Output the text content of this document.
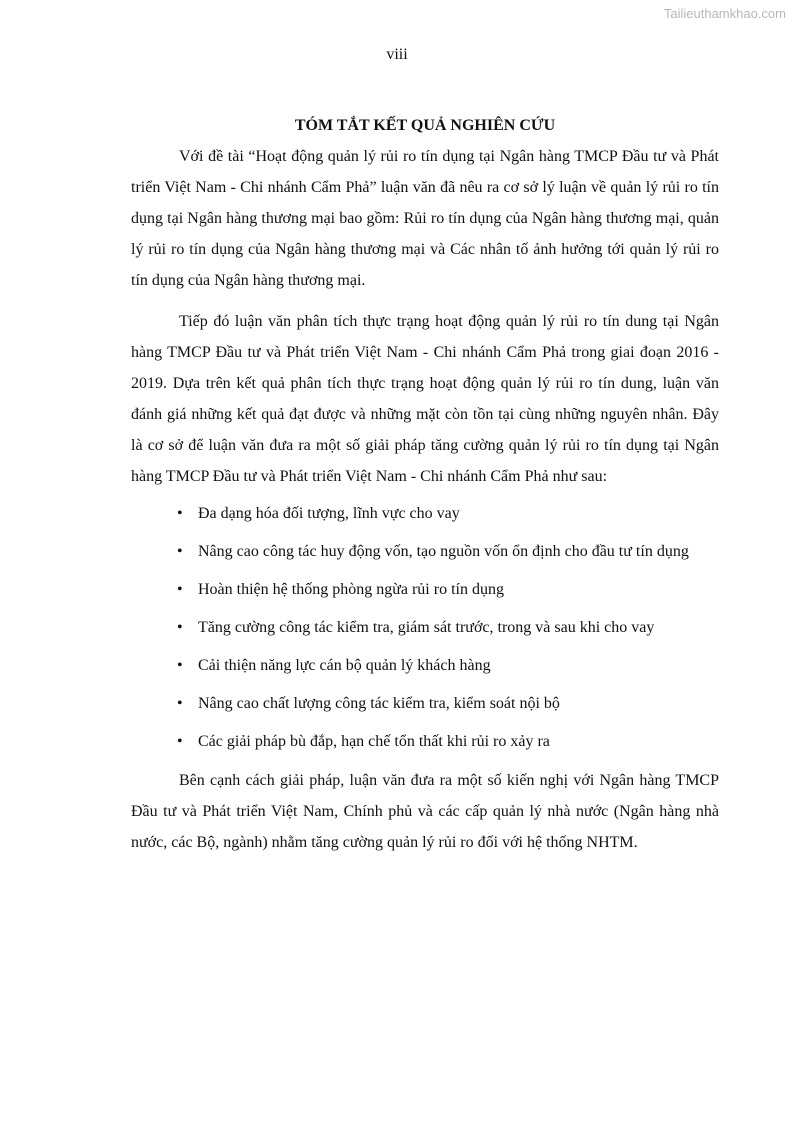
Tailieuthamkhao.com
viii
TÓM TẮT KẾT QUẢ NGHIÊN CỨU

Với đề tài “Hoạt động quản lý rủi ro tín dụng tại Ngân hàng TMCP Đầu tư và Phát triển Việt Nam - Chi nhánh Cẩm Phả” luận văn đã nêu ra cơ sở lý luận về quản lý rủi ro tín dụng tại Ngân hàng thương mại bao gồm: Rủi ro tín dụng của Ngân hàng thương mại, quản lý rủi ro tín dụng của Ngân hàng thương mại và Các nhân tố ảnh hưởng tới quản lý rủi ro tín dụng của Ngân hàng thương mại.

Tiếp đó luận văn phân tích thực trạng hoạt động quản lý rủi ro tín dung tại Ngân hàng TMCP Đầu tư và Phát triển Việt Nam - Chi nhánh Cẩm Phả trong giai đoạn 2016 - 2019. Dựa trên kết quả phân tích thực trạng hoạt động quản lý rủi ro tín dung, luận văn đánh giá những kết quả đạt được và những mặt còn tồn tại cùng những nguyên nhân. Đây là cơ sở để luận văn đưa ra một số giải pháp tăng cường quản lý rủi ro tín dụng tại Ngân hàng TMCP Đầu tư và Phát triển Việt Nam - Chi nhánh Cẩm Phả như sau:

• Đa dạng hóa đối tượng, lĩnh vực cho vay
• Nâng cao công tác huy động vốn, tạo nguồn vốn ổn định cho đầu tư tín dụng
• Hoàn thiện hệ thống phòng ngừa rủi ro tín dụng
• Tăng cường công tác kiểm tra, giám sát trước, trong và sau khi cho vay
• Cải thiện năng lực cán bộ quản lý khách hàng
• Nâng cao chất lượng công tác kiểm tra, kiểm soát nội bộ
• Các giải pháp bù đắp, hạn chế tổn thất khi rủi ro xảy ra

Bên cạnh cách giải pháp, luận văn đưa ra một số kiến nghị với Ngân hàng TMCP Đầu tư và Phát triển Việt Nam, Chính phủ và các cấp quản lý nhà nước (Ngân hàng nhà nước, các Bộ, ngành) nhằm tăng cường quản lý rủi ro đối với hệ thống NHTM.
